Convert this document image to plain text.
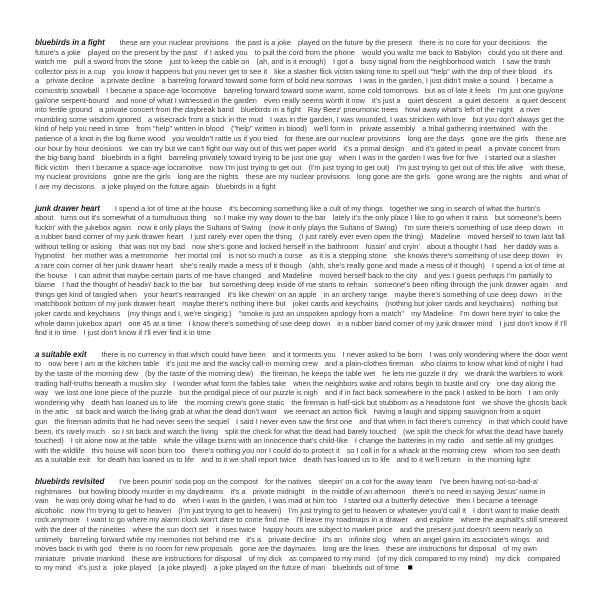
bluebirds in a fight these are your nuclear provisions the past is a joke played on the future by the present there is no cure for your decisions the future's a joke played on the present by the past if I asked you to pull the cord from the phone would you waltz me back to Babylon could you sit there and watch me pull a sword from the stone just to keep the cable on (ah, and is it enough) I got a busy signal from the neighborhood watch I saw the trash collector piss in a cup you know it happens but you never get to see it like a slasher flick victim taking time to spell out "help" with the drip of their blood it's a private decline a private decline a barreling forward toward some form of bold new sorrows I was in the garden, I just didn't make a sound I became a comicstrip snowball I became a space-age locomotive barreling forward toward some warm, some cold tomorrows but as of late it feels I'm just one guy/one gal/one serpent-bound and none of what I witnessed in the garden even really seems worth it now it's just a quiet descent a quiet descent a quiet descent into fertile ground a private concert from the daybreak band bluebirds in a fight Ray Beez' pneumonic trees howl away what's left of the night a river mumbling some wisdom ignored a wisecrack from a stick in the mud I was in the garden, I was wounded, I was stricken with love but you don't always get the kind of help you need in time from "help" written in blood ("help" written in blood) we'll form in private assembly a tribal gathering intertwined with the patience of a knot in the log flume wood you wouldn't rattle us if you tried for these are our nuclear provisions long are the days gone are the girls these are our hour by hour decisions we can try but we can't fight our way out of this wet paper world it's a primal design and it's gated in pearl a private concert from the big-bang band bluebirds in a fight barreling privately toward trying to be just one guy when I was in the garden I was five for five I started out a slasher flick victim then I became a space-age locomotive now I'm just trying to get out (I'm just trying to get out) I'm just trying to get out of this life alive with these, my nuclear provisions gone are the girls long are the nights these are my nuclear provisions long gone are the girls gone wrong are the nights and what of I are my decisions a joke played on the future again bluebirds in a fight

junk drawer heart I spend a lot of time at the house it's becoming something like a cult of my things together we sing in search of what the hurtin's about turns out it's somewhat of a tumultuous thing so I make my way down to the bar lately it's the only place I like to go when it rains but someone's been fuckin' with the jukebox again now it only plays the Sultans of Swing (now it only plays the Sultans of Swing) I'm sure there's something of use deep down in a rubber band corner of my junk drawer heart I just rarely ever open the thing (I just rarely ever even open the thing) Madeline moved herself to town last fall without telling or asking that was not my bad now she's gone and locked herself in the bathroom fussin' and cryin' about a thought I had her daddy was a hypnotist her mother was a metronome her mortal coil is not so much a curse as it is a stepping stone she knows there's something of use deep down in a rare coin corner of her junk drawer heart she's really made a mess of it though (ahh, she's really gone and made a mess of it though) I spend a lot of time at the house I can admit that maybe certain parts of me have changed and Madeline moved herself back to the city and yes I guess perhaps I'm partially to blame I had the thought of headin' back to the bar but something deep inside of me starts to refrain someone's been rifling through the junk drawer again and things get kind of tangled when your heart's rearranged it's like chewin' on an apple in an archery range maybe there's something of use deep down in the matchbook bottom of my junk drawer heart maybe there's nothing there but joker cards and keychains (nothing but joker cards and keychains) nothing but joker cards and keychains (my things and I, we're singing:) "smoke is just an unspoken apology from a match" my Madeline I'm down here tryin' to take the whole damn jukebox apart one 45 at a time I know there's something of use deep down in a rubber band corner of my junk drawer mind I just don't know if I'll find it in time I just don't know if I'll ever find it in time

a suitable exit there is no currency in that which could have been and it torments you I never asked to be born I was only wondering where the door went to now here I am at the kitchen table it's just me and the wacky call-in morning crew and a plain-clothes fireman who claims to know what kind of night I had by the taste of the morning dew (by the taste of the morning dew) the fireman, he keeps the table wet he lets me guzzle it dry we drank the warblers to work trading half-truths beneath a muslim sky I wonder what form the fables take when the neighbors wake and robins begin to bustle and cry one day along the way we lost one lone piece of the puzzle but the prodigal piece of our puzzle is nigh and if in fact back somewhere in the pack I asked to be born I am only wondering why death has loaned us to life the morning crew's gone static the fireman is half-sick but stubborn as a headstone font we shove the ghosts back in the attic sit back and watch the living grab at what the dead don't want we reenact an action flick having a laugh and sipping sauvignon from a squirt gun the fireman admits that he had never seen the sequel I said I never even saw the first one and that when in fact there's currency in that which could have been, it's rarely much so I sit back and watch the living split the check for what the dead had barely touched (we split the check for what the dead have barely touched) I sit alone now at the table while the village burns with an innocence that's child-like I change the batteries in my radio and settle all my grudges with the wildlife this house will soon burn too there's nothing you nor I could do to protect it so I call in for a whack at the morning crew whom too see death as a suitable exit for death has loaned us to life and to it we shall report twice death has loaned us to life and to it we'll return in the morning light

bluebirds revisited I've been pourin' soda pop on the compost for the natives sleepin' on a cot for the away team I've been having not-so-bad-a' nightmares but howling bloody murder in my daydreams it's a private midnight in the middle of an afternoon there's no need in saying Jesus' name in vain he was only doing what he had to do when I was in the garden, I was mad at him too I started out a butterfly detective then I became a teenage alcoholic now I'm trying to get to heaven (I'm just trying to get to heaven) I'm just trying to get to heaven or whatever you'd call it I don't want to make death rock anymore I want to go where my alarm clock won't dare to come find me I'll leave my roadmaps in a drawer and explore where the asphalt's still smeared with the deer of the nineties where the sun don't set it rises twice happy hours are subject to market price and the present just doesn't seem nearly so untimely barreling forward while my memories riot behind me it's a private decline it's an infinite slog when an angel gains its associate's wings and moves back in with god there is no room for new proposals gone are the daymares long are the lines these are instructions for disposal of my own miniature private mankind these are instructions for disposal of my dick as compared to my mind (of my dick compared to my mind) my dick compared to my mind it's just a joke played (a joke played) a joke played on the future of man bluebirds out of time ■
